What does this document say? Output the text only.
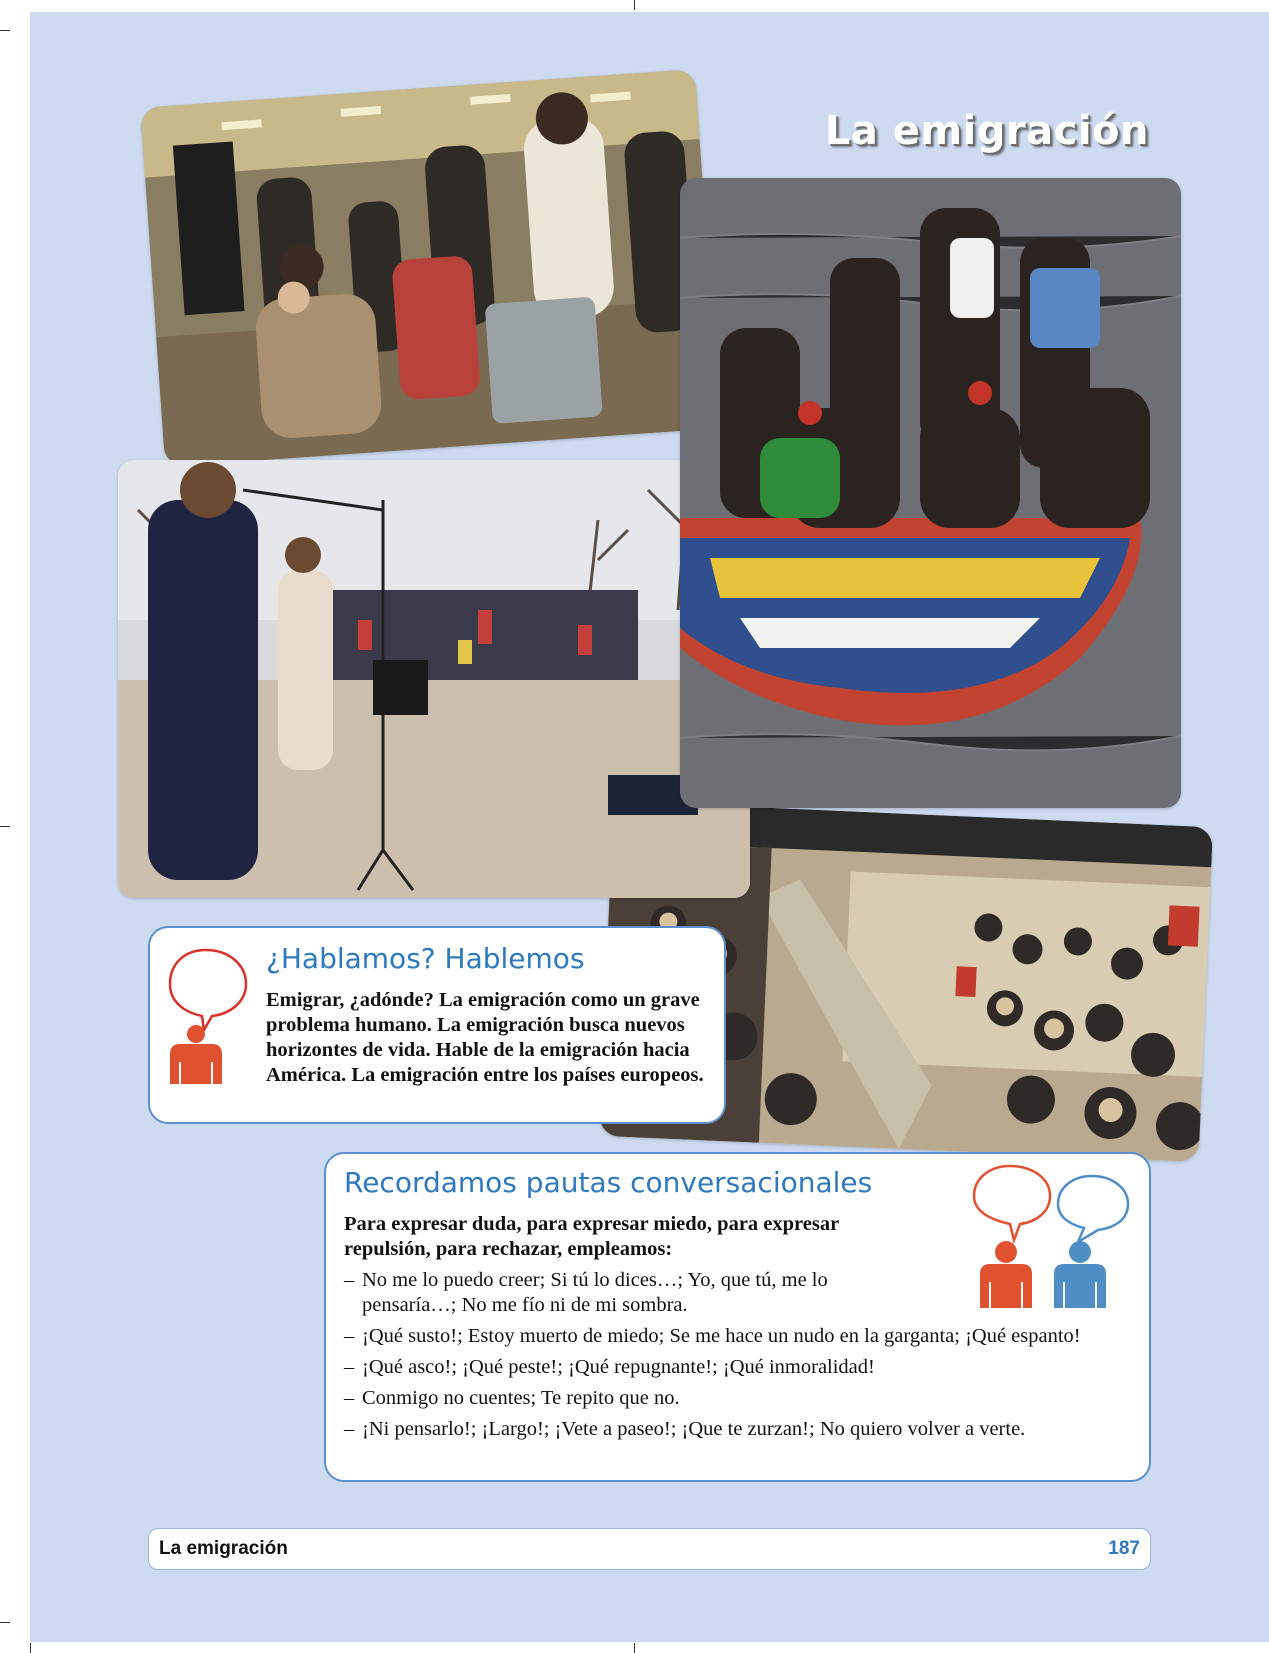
La emigración
¿Hablamos? Hablemos
Emigrar, ¿adónde? La emigración como un grave problema humano. La emigración busca nuevos horizontes de vida. Hable de la emigración hacia América. La emigración entre los países europeos.
Recordamos pautas conversacionales
Para expresar duda, para expresar miedo, para expresar repulsión, para rechazar, empleamos:
– No me lo puedo creer; Si tú lo dices…; Yo, que tú, me lo pensaría…; No me fío ni de mi sombra.
– ¡Qué susto!; Estoy muerto de miedo; Se me hace un nudo en la garganta; ¡Qué espanto!
– ¡Qué asco!; ¡Qué peste!; ¡Qué repugnante!; ¡Qué inmoralidad!
– Conmigo no cuentes; Te repito que no.
– ¡Ni pensarlo!; ¡Largo!; ¡Vete a paseo!; ¡Que te zurzan!; No quiero volver a verte.
La emigración	187
